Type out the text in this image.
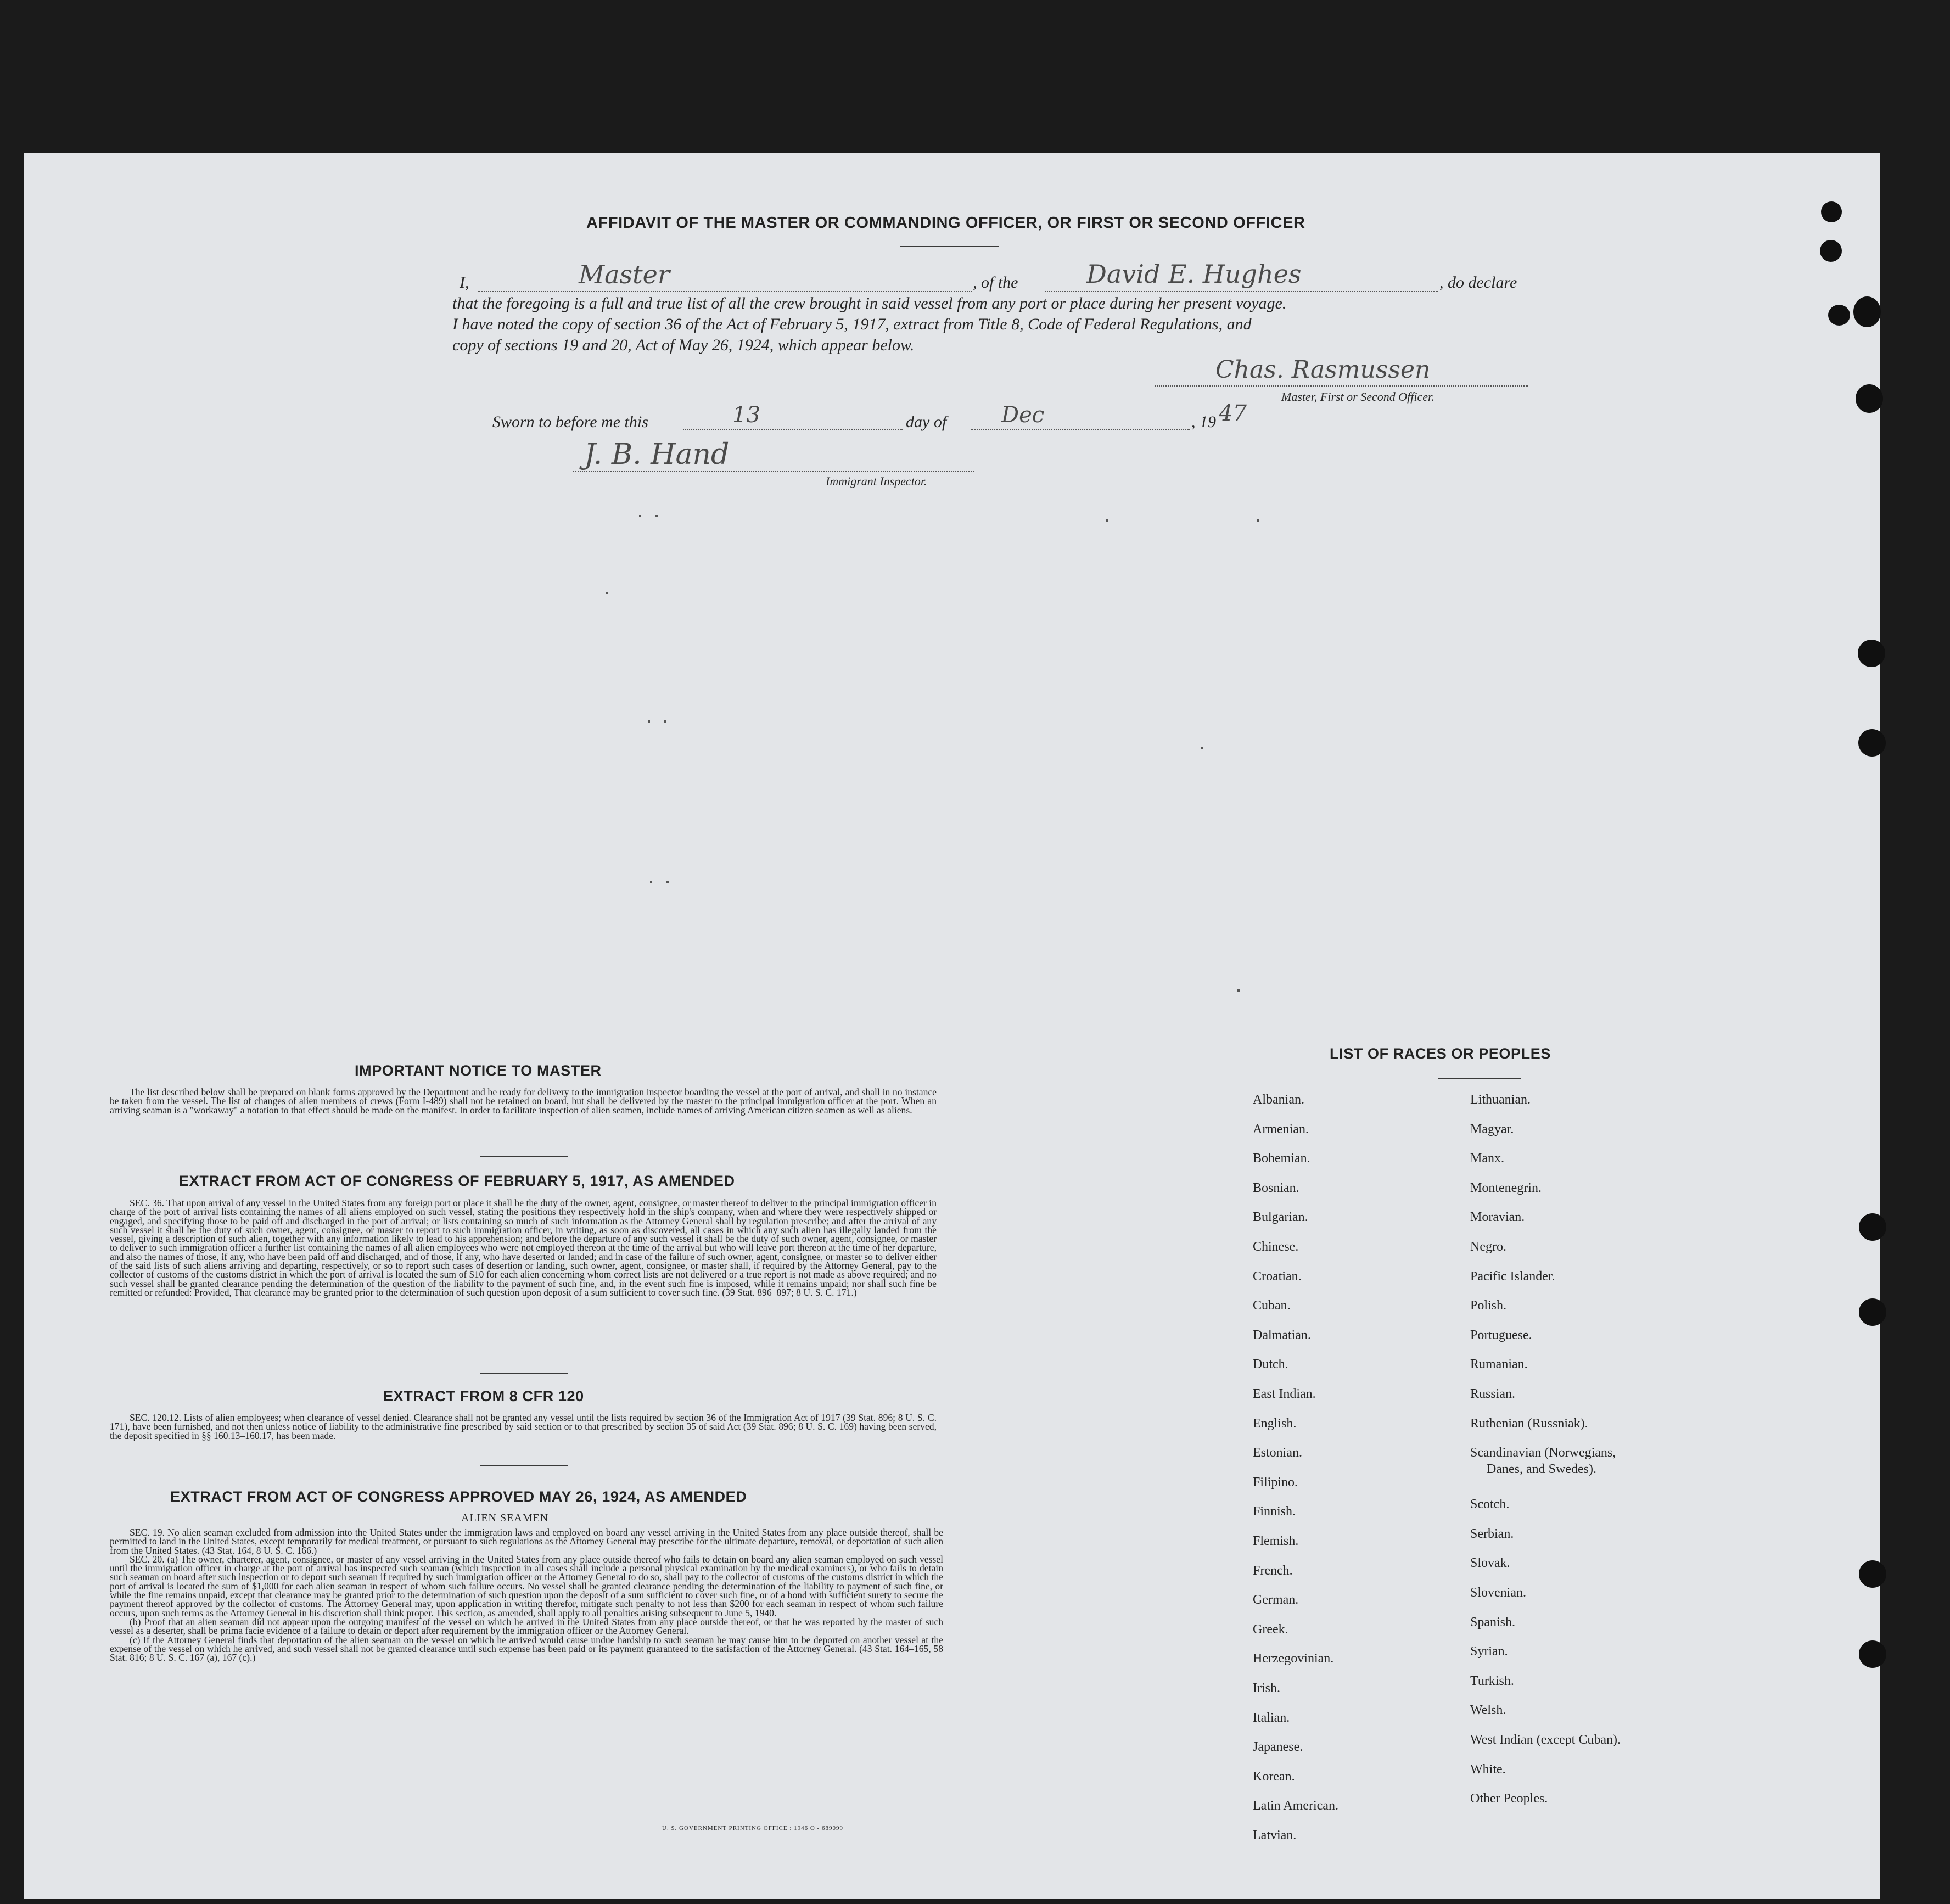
AFFIDAVIT OF THE MASTER OR COMMANDING OFFICER, OR FIRST OR SECOND OFFICER
I,	Master	, of the	David E. Hughes	, do declare
that the foregoing is a full and true list of all the crew brought in said vessel from any port or place during her present voyage.
I have noted the copy of section 36 of the Act of February 5, 1917, extract from Title 8, Code of Federal Regulations, and
copy of sections 19 and 20, Act of May 26, 1924, which appear below.
Chas. Rasmussen
Master, First or Second Officer.
Sworn to before me this	13	day of Dec	, 19 47
J. B. Hand
Immigrant Inspector.
IMPORTANT NOTICE TO MASTER

The list described below shall be prepared on blank forms approved by the Department and be ready for delivery to the immigration inspector boarding the vessel at the port of arrival, and shall in no instance be taken from the vessel. The list of changes of alien members of crews (Form I-489) shall not be retained on board, but shall be delivered by the master to the principal immigration officer at the port. When an arriving seaman is a "workaway" a notation to that effect should be made on the manifest. In order to facilitate inspection of alien seamen, include names of arriving American citizen seamen as well as aliens.

EXTRACT FROM ACT OF CONGRESS OF FEBRUARY 5, 1917, AS AMENDED

SEC. 36. That upon arrival of any vessel in the United States from any foreign port or place it shall be the duty of the owner, agent, consignee, or master thereof to deliver to the principal immigration officer in charge of the port of arrival lists containing the names of all aliens employed on such vessel, stating the positions they respectively hold in the ship's company, when and where they were respectively shipped or engaged, and specifying those to be paid off and discharged in the port of arrival; or lists containing so much of such information as the Attorney General shall by regulation prescribe; and after the arrival of any such vessel it shall be the duty of such owner, agent, consignee, or master to report to such immigration officer, in writing, as soon as discovered, all cases in which any such alien has illegally landed from the vessel, giving a description of such alien, together with any information likely to lead to his apprehension; and before the departure of any such vessel it shall be the duty of such owner, agent, consignee, or master to deliver to such immigration officer a further list containing the names of all alien employees who were not employed thereon at the time of the arrival but who will leave port thereon at the time of her departure, and also the names of those, if any, who have been paid off and discharged, and of those, if any, who have deserted or landed; and in case of the failure of such owner, agent, consignee, or master so to deliver either of the said lists of such aliens arriving and departing, respectively, or so to report such cases of desertion or landing, such owner, agent, consignee, or master shall, if required by the Attorney General, pay to the collector of customs of the customs district in which the port of arrival is located the sum of $10 for each alien concerning whom correct lists are not delivered or a true report is not made as above required; and no such vessel shall be granted clearance pending the determination of the question of the liability to the payment of such fine, and, in the event such fine is imposed, while it remains unpaid; nor shall such fine be remitted or refunded: Provided, That clearance may be granted prior to the determination of such question upon deposit of a sum sufficient to cover such fine. (39 Stat. 896–897; 8 U. S. C. 171.)

EXTRACT FROM 8 CFR 120

SEC. 120.12. Lists of alien employees; when clearance of vessel denied. Clearance shall not be granted any vessel until the lists required by section 36 of the Immigration Act of 1917 (39 Stat. 896; 8 U. S. C. 171), have been furnished, and not then unless notice of liability to the administrative fine prescribed by said section or to that prescribed by section 35 of said Act (39 Stat. 896; 8 U. S. C. 169) having been served, the deposit specified in §§ 160.13–160.17, has been made.

EXTRACT FROM ACT OF CONGRESS APPROVED MAY 26, 1924, AS AMENDED
ALIEN SEAMEN

SEC. 19. No alien seaman excluded from admission into the United States under the immigration laws and employed on board any vessel arriving in the United States from any place outside thereof, shall be permitted to land in the United States, except temporarily for medical treatment, or pursuant to such regulations as the Attorney General may prescribe for the ultimate departure, removal, or deportation of such alien from the United States. (43 Stat. 164, 8 U. S. C. 166.)

SEC. 20. (a) The owner, charterer, agent, consignee, or master of any vessel arriving in the United States from any place outside thereof who fails to detain on board any alien seaman employed on such vessel until the immigration officer in charge at the port of arrival has inspected such seaman (which inspection in all cases shall include a personal physical examination by the medical examiners), or who fails to detain such seaman on board after such inspection or to deport such seaman if required by such immigration officer or the Attorney General to do so, shall pay to the collector of customs of the customs district in which the port of arrival is located the sum of $1,000 for each alien seaman in respect of whom such failure occurs. No vessel shall be granted clearance pending the determination of the liability to payment of such fine, or while the fine remains unpaid, except that clearance may be granted prior to the determination of such question upon the deposit of a sum sufficient to cover such fine, or of a bond with sufficient surety to secure the payment thereof approved by the collector of customs. The Attorney General may, upon application in writing therefor, mitigate such penalty to not less than $200 for each seaman in respect of whom such failure occurs, upon such terms as the Attorney General in his discretion shall think proper. This section, as amended, shall apply to all penalties arising subsequent to June 5, 1940.

(b) Proof that an alien seaman did not appear upon the outgoing manifest of the vessel on which he arrived in the United States from any place outside thereof, or that he was reported by the master of such vessel as a deserter, shall be prima facie evidence of a failure to detain or deport after requirement by the immigration officer or the Attorney General.

(c) If the Attorney General finds that deportation of the alien seaman on the vessel on which he arrived would cause undue hardship to such seaman he may cause him to be deported on another vessel at the expense of the vessel on which he arrived, and such vessel shall not be granted clearance until such expense has been paid or its payment guaranteed to the satisfaction of the Attorney General. (43 Stat. 164–165, 58 Stat. 816; 8 U. S. C. 167 (a), 167 (c).)

U. S. GOVERNMENT PRINTING OFFICE : 1946 O - 689099
LIST OF RACES OR PEOPLES
Albanian.
Armenian.
Bohemian.
Bosnian.
Bulgarian.
Chinese.
Croatian.
Cuban.
Dalmatian.
Dutch.
East Indian.
English.
Estonian.
Filipino.
Finnish.
Flemish.
French.
German.
Greek.
Herzegovinian.
Irish.
Italian.
Japanese.
Korean.
Latin American.
Latvian.
Lithuanian.
Magyar.
Manx.
Montenegrin.
Moravian.
Negro.
Pacific Islander.
Polish.
Portuguese.
Rumanian.
Russian.
Ruthenian (Russniak).
Scandinavian (Norwegians,
Danes, and Swedes).
Scotch.
Serbian.
Slovak.
Slovenian.
Spanish.
Syrian.
Turkish.
Welsh.
West Indian (except Cuban).
White.
Other Peoples.
